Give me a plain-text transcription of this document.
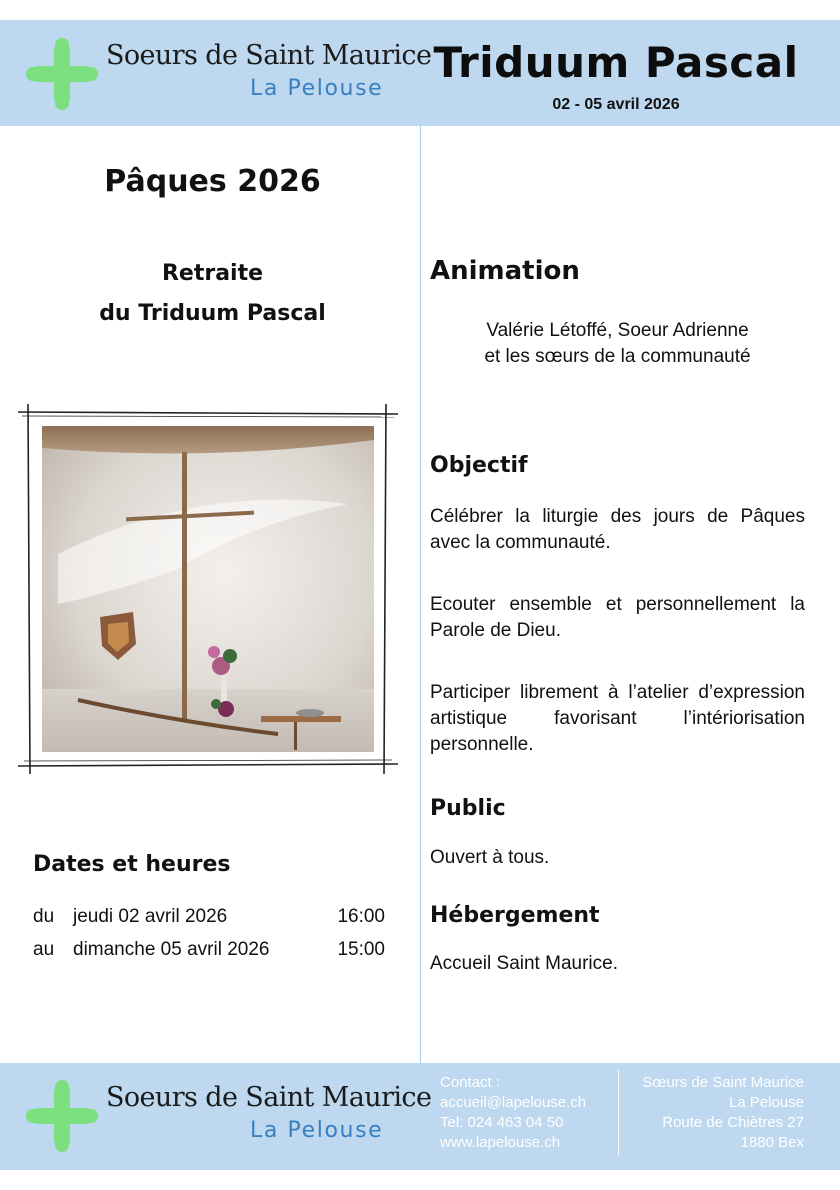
Soeurs de Saint Maurice
La Pelouse
Triduum Pascal
02 - 05 avril 2026
Pâques 2026
Retraite
du Triduum Pascal
Dates et heures
du jeudi 02 avril 2026	16:00
au dimanche 05 avril 2026	15:00
Animation
Valérie Létoffé, Soeur Adrienne
et les sœurs de la communauté
Objectif
Célébrer la liturgie des jours de Pâques avec la communauté.
Ecouter ensemble et personnellement la Parole de Dieu.
Participer librement à l’atelier d’expression artistique favorisant l’intériorisation personnelle.
Public
Ouvert à tous.
Hébergement
Accueil Saint Maurice.
Soeurs de Saint Maurice
La Pelouse
Contact :
accueil@lapelouse.ch
Tel: 024 463 04 50
www.lapelouse.ch
Sœurs de Saint Maurice
La Pelouse
Route de Chiètres 27
1880 Bex
